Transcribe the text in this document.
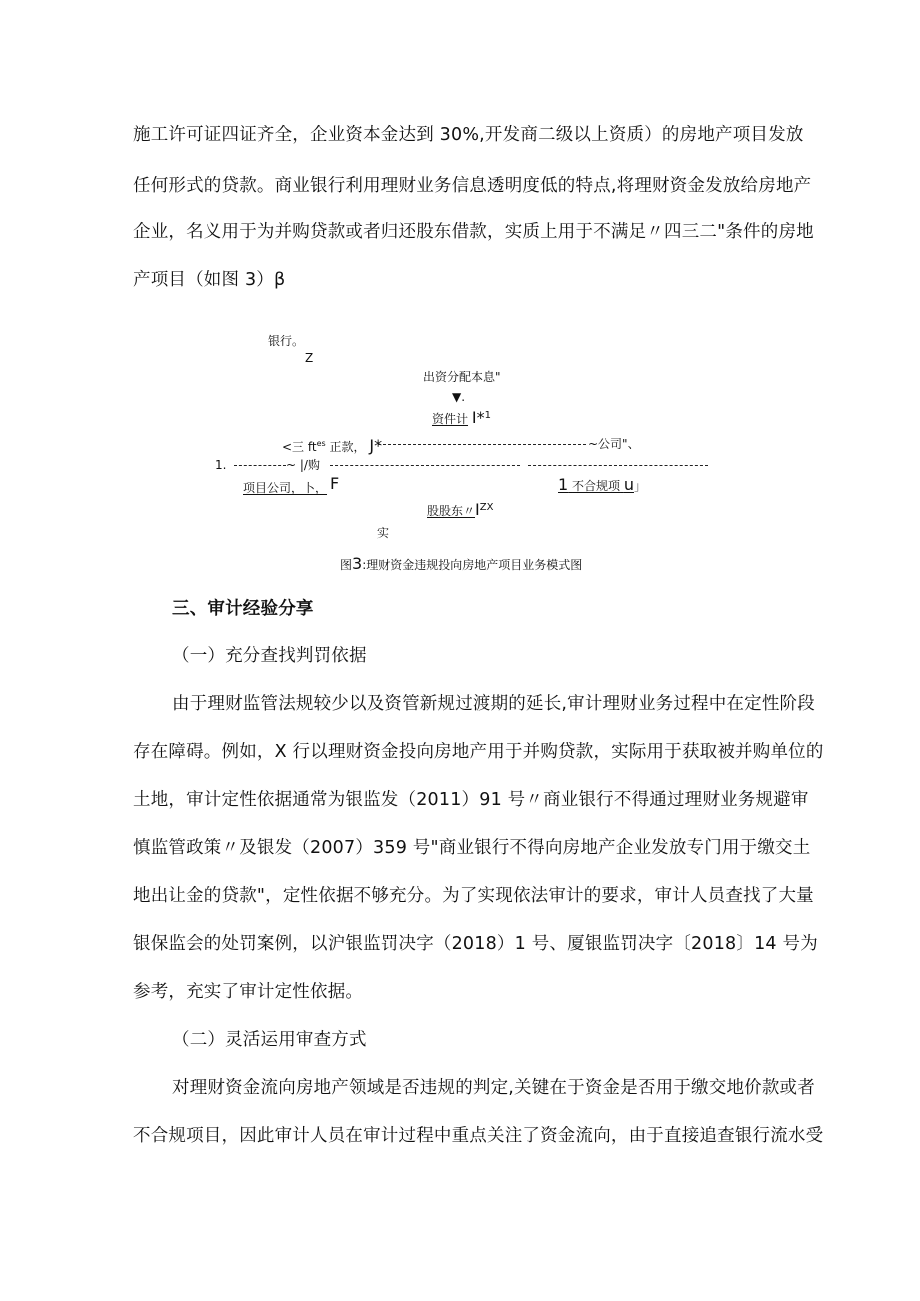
施工许可证四证齐全，企业资本金达到 30%,开发商二级以上资质）的房地产项目发放
任何形式的贷款。商业银行利用理财业务信息透明度低的特点,将理财资金发放给房地产
企业，名义用于为并购贷款或者归还股东借款，实质上用于不满足〃四三二"条件的房地
产项目（如图 3）β
银行。
Z
出资分配本息"
▼.
资件计 I*$^1$
<三 $ft^{es}$ 正款， J*	~公司"、
1.	~ |/购
项目公司，卜， F	1 不合规项 u」
股股东〃$I^{ZX}$
实
图3:理财资金违规投向房地产项目业务模式图
三、审计经验分享
（一）充分查找判罚依据
由于理财监管法规较少以及资管新规过渡期的延长,审计理财业务过程中在定性阶段
存在障碍。例如，X 行以理财资金投向房地产用于并购贷款，实际用于获取被并购单位的
土地，审计定性依据通常为银监发（2011）91 号〃商业银行不得通过理财业务规避审
慎监管政策〃及银发（2007）359 号"商业银行不得向房地产企业发放专门用于缴交土
地出让金的贷款"，定性依据不够充分。为了实现依法审计的要求，审计人员查找了大量
银保监会的处罚案例，以沪银监罚决字（2018）1 号、厦银监罚决字〔2018〕14 号为
参考，充实了审计定性依据。
（二）灵活运用审查方式
对理财资金流向房地产领域是否违规的判定,关键在于资金是否用于缴交地价款或者
不合规项目，因此审计人员在审计过程中重点关注了资金流向，由于直接追查银行流水受
